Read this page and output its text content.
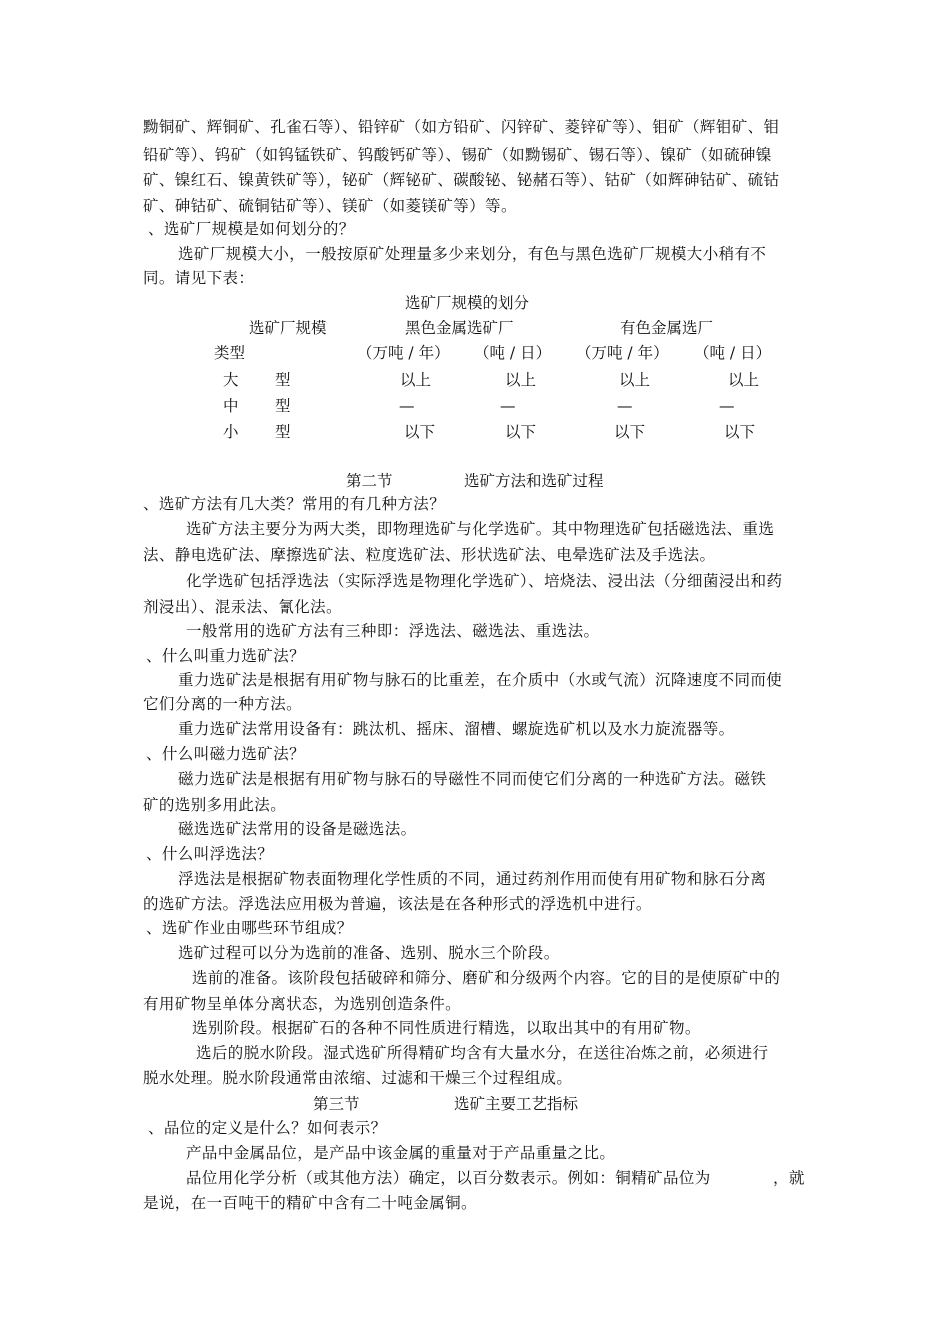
黝铜矿、辉铜矿、孔雀石等）、铅锌矿（如方铅矿、闪锌矿、菱锌矿等）、钼矿（辉钼矿、钼
铅矿等）、钨矿（如钨锰铁矿、钨酸钙矿等）、锡矿（如黝锡矿、锡石等）、镍矿（如硫砷镍
矿、镍红石、镍黄铁矿等），铋矿（辉铋矿、碳酸铋、铋赭石等）、钴矿（如辉砷钴矿、硫钴
矿、砷钴矿、硫铜钴矿等）、镁矿（如菱镁矿等）等。
、选矿厂规模是如何划分的？
选矿厂规模大小，一般按原矿处理量多少来划分，有色与黑色选矿厂规模大小稍有不
同。请见下表：
选矿厂规模的划分
选矿厂规模	黑色金属选矿厂	有色金属选厂
类型	（万吨 / 年） （吨 / 日） （万吨 / 年） （吨 / 日）
大 型	以上	以上	以上	以上
中 型	—	—	—	—
小 型	以下	以下	以下	以下
第二节	选矿方法和选矿过程
、选矿方法有几大类？常用的有几种方法？
选矿方法主要分为两大类，即物理选矿与化学选矿。其中物理选矿包括磁选法、重选
法、静电选矿法、摩擦选矿法、粒度选矿法、形状选矿法、电晕选矿法及手选法。
化学选矿包括浮选法（实际浮选是物理化学选矿）、培烧法、浸出法（分细菌浸出和药
剂浸出）、混汞法、氰化法。
一般常用的选矿方法有三种即：浮选法、磁选法、重选法。
、什么叫重力选矿法？
重力选矿法是根据有用矿物与脉石的比重差，在介质中（水或气流）沉降速度不同而使
它们分离的一种方法。
重力选矿法常用设备有：跳汰机、摇床、溜槽、螺旋选矿机以及水力旋流器等。
、什么叫磁力选矿法？
磁力选矿法是根据有用矿物与脉石的导磁性不同而使它们分离的一种选矿方法。磁铁
矿的选别多用此法。
磁选选矿法常用的设备是磁选法。
、什么叫浮选法？
浮选法是根据矿物表面物理化学性质的不同，通过药剂作用而使有用矿物和脉石分离
的选矿方法。浮选法应用极为普遍，该法是在各种形式的浮选机中进行。
、选矿作业由哪些环节组成？
选矿过程可以分为选前的准备、选别、脱水三个阶段。
选前的准备。该阶段包括破碎和筛分、磨矿和分级两个内容。它的目的是使原矿中的
有用矿物呈单体分离状态，为选别创造条件。
选别阶段。根据矿石的各种不同性质进行精选，以取出其中的有用矿物。
选后的脱水阶段。湿式选矿所得精矿均含有大量水分，在送往冶炼之前，必须进行
脱水处理。脱水阶段通常由浓缩、过滤和干燥三个过程组成。
第三节	选矿主要工艺指标
、品位的定义是什么？如何表示？
产品中金属品位，是产品中该金属的重量对于产品重量之比。
品位用化学分析（或其他方法）确定，以百分数表示。例如：铜精矿品位为	，就
是说，在一百吨干的精矿中含有二十吨金属铜。
